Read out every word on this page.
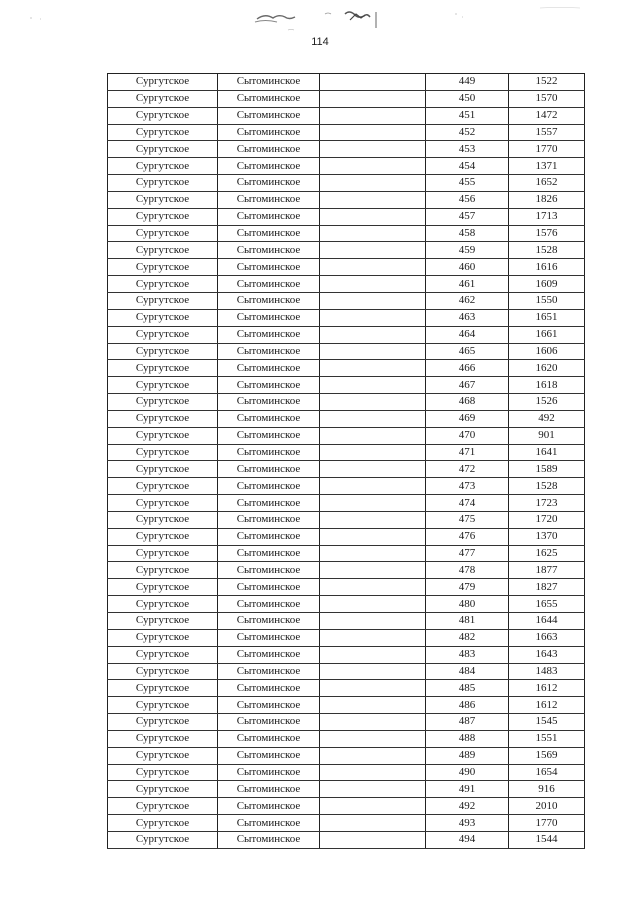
114
Сургутское	Сытоминское		449	1522
Сургутское	Сытоминское		450	1570
Сургутское	Сытоминское		451	1472
Сургутское	Сытоминское		452	1557
Сургутское	Сытоминское		453	1770
Сургутское	Сытоминское		454	1371
Сургутское	Сытоминское		455	1652
Сургутское	Сытоминское		456	1826
Сургутское	Сытоминское		457	1713
Сургутское	Сытоминское		458	1576
Сургутское	Сытоминское		459	1528
Сургутское	Сытоминское		460	1616
Сургутское	Сытоминское		461	1609
Сургутское	Сытоминское		462	1550
Сургутское	Сытоминское		463	1651
Сургутское	Сытоминское		464	1661
Сургутское	Сытоминское		465	1606
Сургутское	Сытоминское		466	1620
Сургутское	Сытоминское		467	1618
Сургутское	Сытоминское		468	1526
Сургутское	Сытоминское		469	492
Сургутское	Сытоминское		470	901
Сургутское	Сытоминское		471	1641
Сургутское	Сытоминское		472	1589
Сургутское	Сытоминское		473	1528
Сургутское	Сытоминское		474	1723
Сургутское	Сытоминское		475	1720
Сургутское	Сытоминское		476	1370
Сургутское	Сытоминское		477	1625
Сургутское	Сытоминское		478	1877
Сургутское	Сытоминское		479	1827
Сургутское	Сытоминское		480	1655
Сургутское	Сытоминское		481	1644
Сургутское	Сытоминское		482	1663
Сургутское	Сытоминское		483	1643
Сургутское	Сытоминское		484	1483
Сургутское	Сытоминское		485	1612
Сургутское	Сытоминское		486	1612
Сургутское	Сытоминское		487	1545
Сургутское	Сытоминское		488	1551
Сургутское	Сытоминское		489	1569
Сургутское	Сытоминское		490	1654
Сургутское	Сытоминское		491	916
Сургутское	Сытоминское		492	2010
Сургутское	Сытоминское		493	1770
Сургутское	Сытоминское		494	1544
